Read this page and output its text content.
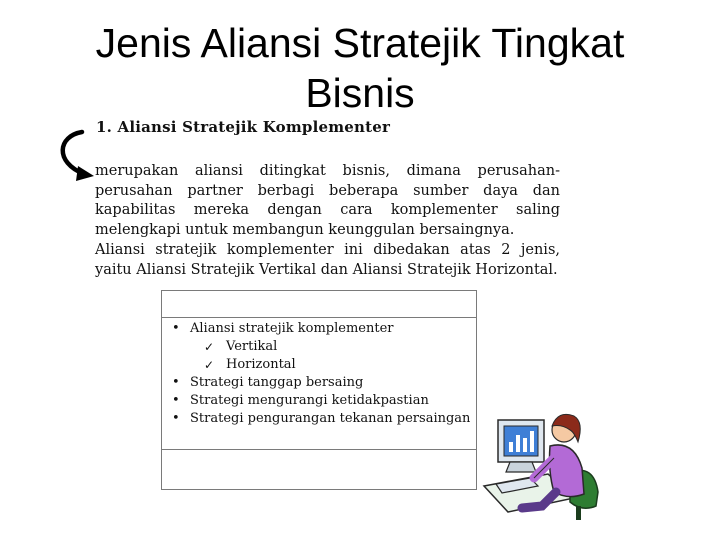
Jenis Aliansi Stratejik Tingkat
Bisnis
1. Aliansi Stratejik Komplementer
merupakan aliansi ditingkat bisnis, dimana perusahan-perusahan partner berbagi beberapa sumber daya dan kapabilitas mereka dengan cara komplementer saling melengkapi untuk membangun keunggulan bersaingnya.
Aliansi stratejik komplementer ini dibedakan atas 2 jenis, yaitu Aliansi Stratejik Vertikal dan Aliansi Stratejik Horizontal.
• Aliansi stratejik komplementer
✓ Vertikal
✓ Horizontal
• Strategi tanggap bersaing
• Strategi mengurangi ketidakpastian
• Strategi pengurangan tekanan persaingan
